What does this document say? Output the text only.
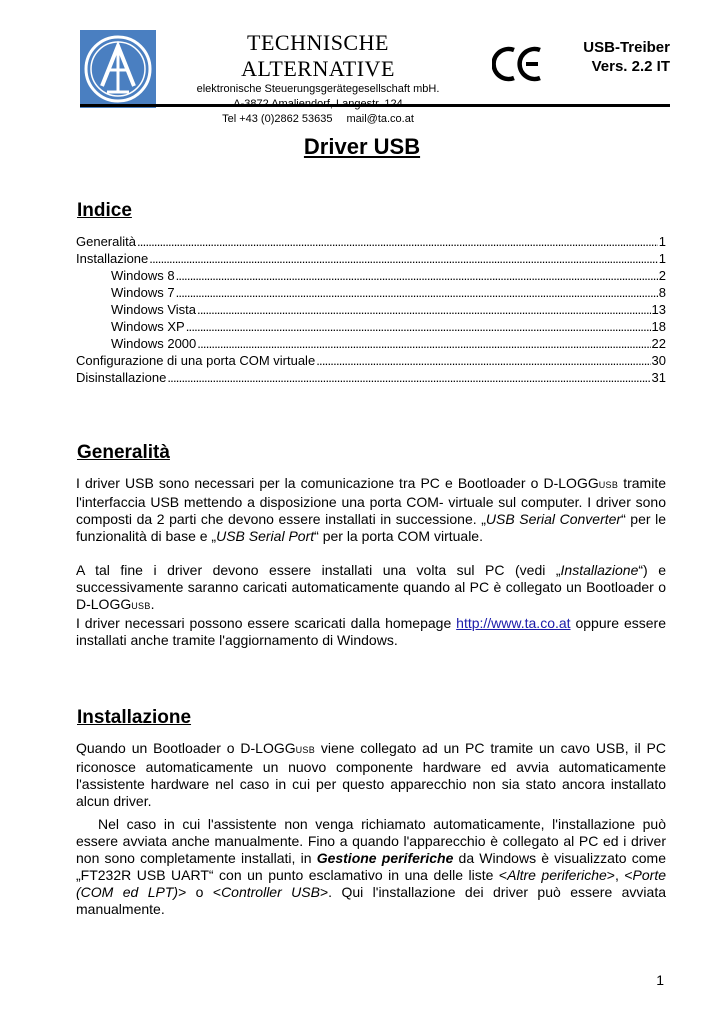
TECHNISCHE ALTERNATIVE
elektronische Steuerungsgerätegesellschaft mbH.
Tel +43 (0)2862 53635 mail@ta.co.at
USB-Treiber
Vers. 2.2 IT
Driver USB
Indice
Generalità . . .	1
Installazione . . .	1
Windows 8 . . .	2
Windows 7 . . .	8
Windows Vista . . .	13
Windows XP . . .	18
Windows 2000 . . .	22
Configurazione di una porta COM virtuale . . .	30
Disinstallazione . . .	31
Generalità

I driver USB sono necessari per la comunicazione tra PC e Bootloader o D-LOGGUSB tramite l'interfaccia USB mettendo a disposizione una porta COM- virtuale sul computer. I driver sono composti da 2 parti che devono essere installati in successione. „USB Serial Converter“ per le funzionalità di base e „USB Serial Port“ per la porta COM virtuale.

A tal fine i driver devono essere installati una volta sul PC (vedi „Installazione“) e successivamente saranno caricati automaticamente quando al PC è collegato un Bootloader o D-LOGGUSB.

I driver necessari possono essere scaricati dalla homepage http://www.ta.co.at oppure essere installati anche tramite l'aggiornamento di Windows.

Installazione

Quando un Bootloader o D-LOGGUSB viene collegato ad un PC tramite un cavo USB, il PC riconosce automaticamente un nuovo componente hardware ed avvia automaticamente l'assistente hardware nel caso in cui per questo apparecchio non sia stato ancora installato alcun driver.

Nel caso in cui l'assistente non venga richiamato automaticamente, l'installazione può essere avviata anche manualmente. Fino a quando l'apparecchio è collegato al PC ed i driver non sono completamente installati, in Gestione periferiche da Windows è visualizzato come „FT232R USB UART“ con un punto esclamativo in una delle liste <Altre periferiche>, <Porte (COM ed LPT)> o <Controller USB>. Qui l'installazione dei driver può essere avviata manualmente.

1
